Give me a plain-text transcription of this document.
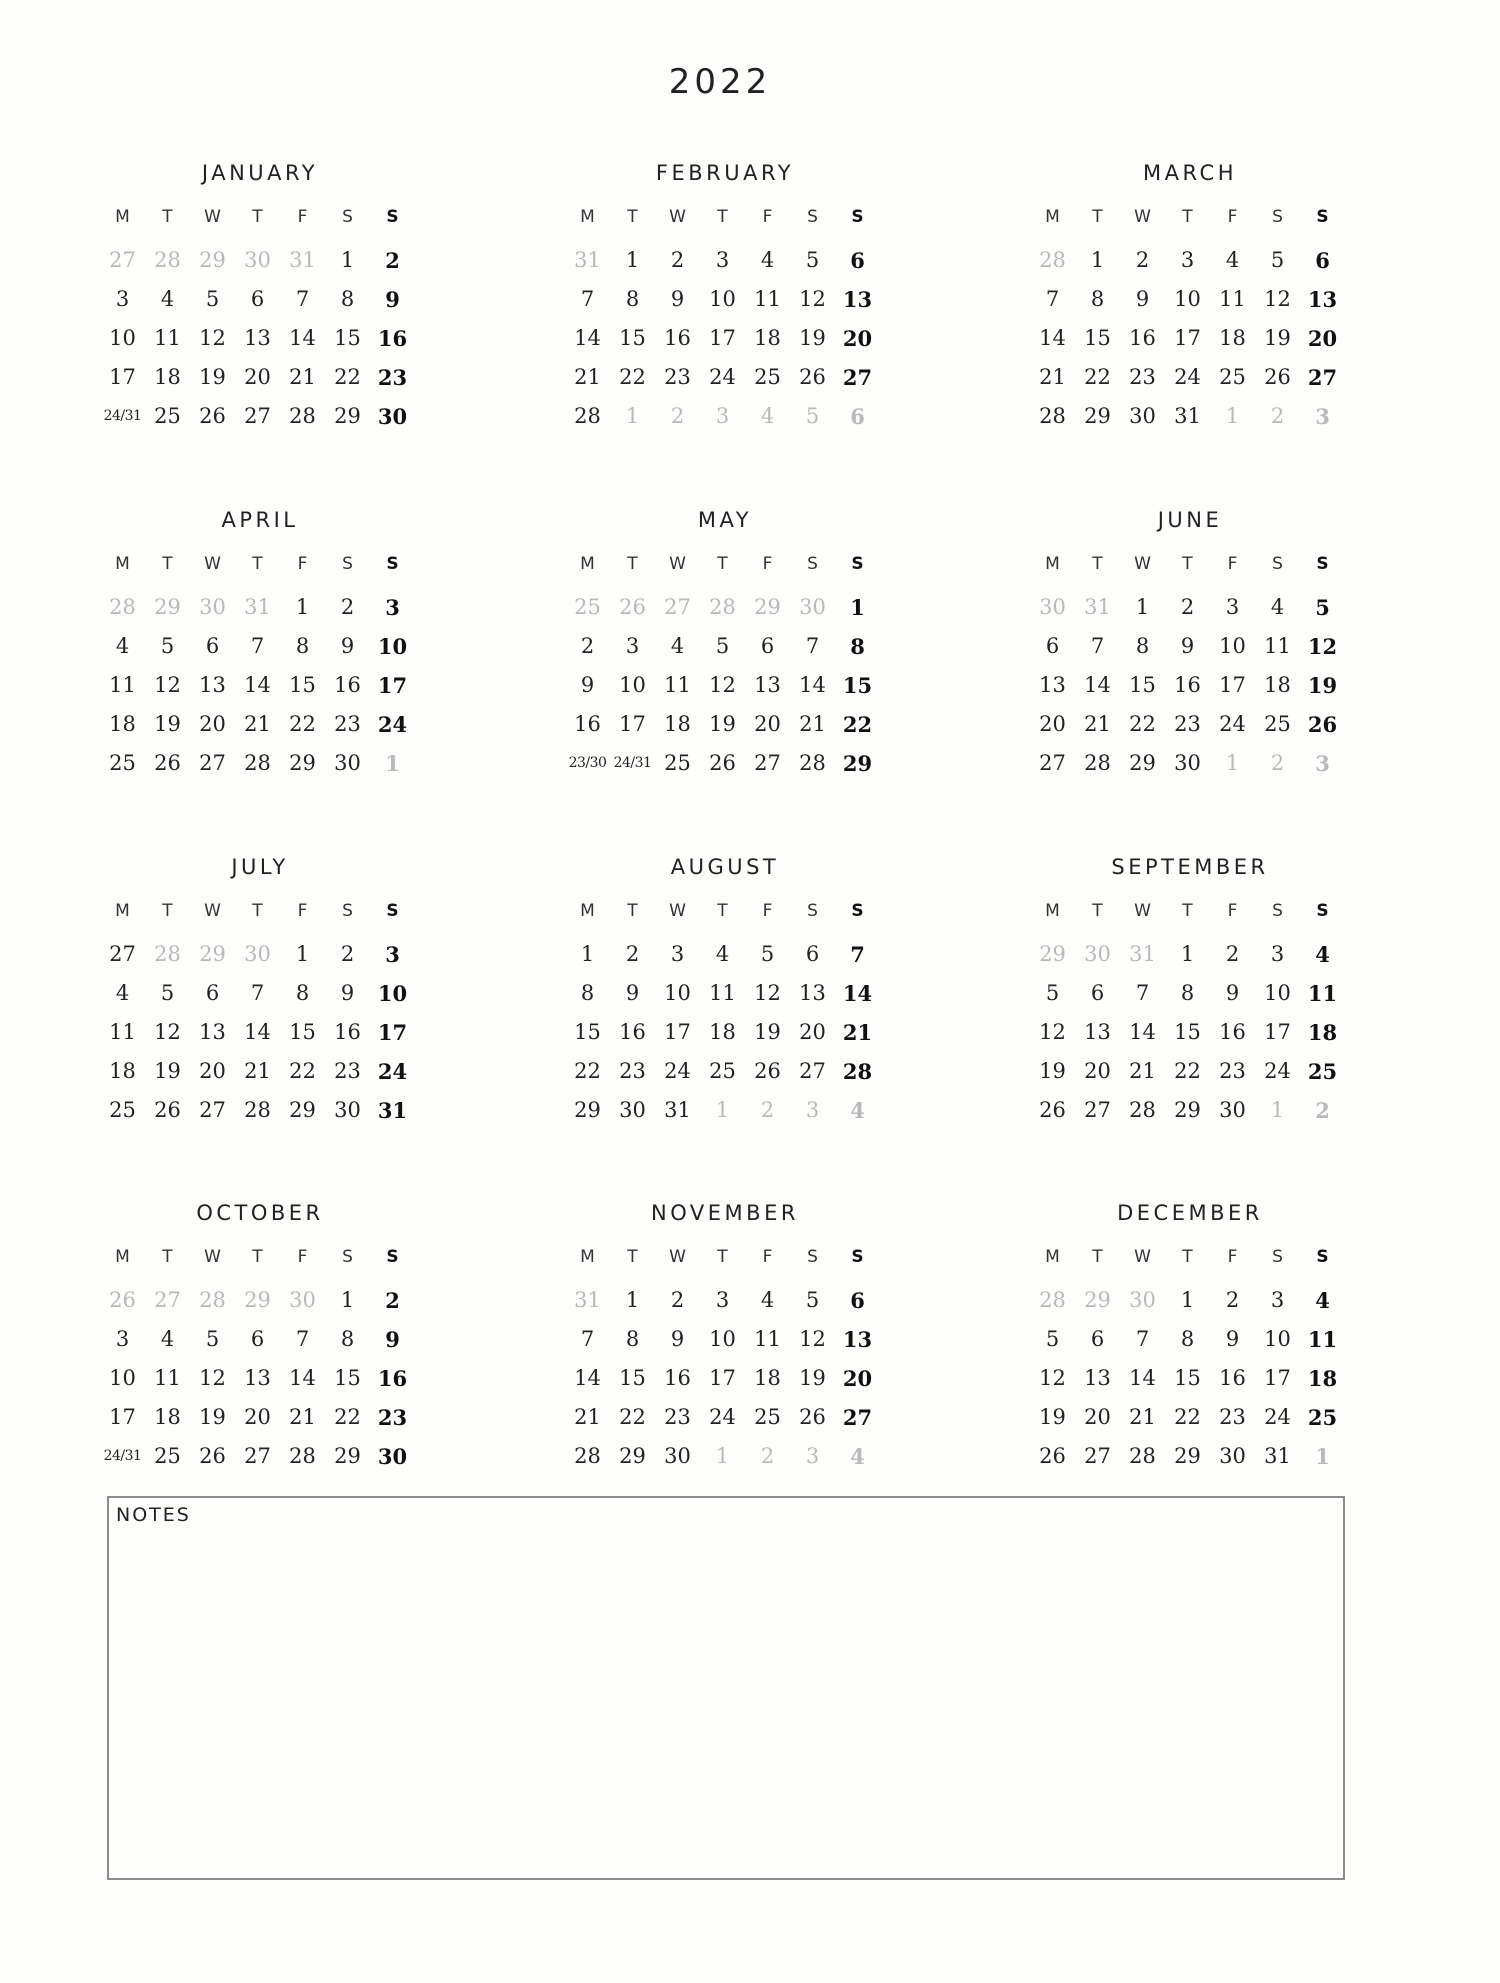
2022
JANUARY
M	T	W	T	F	S	S
27 28 29 30 31	1	2
3	4	5	6	7	8	9
10 11 12 13 14 15 16
17 18 19 20 21 22 23
24/31 25 26 27 28 29 30
FEBRUARY
M	T	W	T	F	S	S
31	1	2	3	4	5	6
7	8	9	10 11 12 13
14 15 16 17 18 19 20
21 22 23 24 25 26 27
28	1	2	3	4	5	6
MARCH
M	T	W	T	F	S	S
28	1	2	3	4	5	6
7	8	9	10 11 12 13
14 15 16 17 18 19 20
21 22 23 24 25 26 27
28 29 30 31	1	2	3
APRIL
M	T	W	T	F	S	S
28 29 30 31	1	2	3
4	5	6	7	8	9	10
11 12 13 14 15 16 17
18 19 20 21 22 23 24
25 26 27 28 29 30	1
MAY
M	T	W	T	F	S	S
25 26 27 28 29 30	1
2	3	4	5	6	7	8
9	10 11 12 13 14 15
16 17 18 19 20 21 22
23/30 24/31 25 26 27 28 29
JUNE
M	T	W	T	F	S	S
30 31	1	2	3	4	5
6	7	8	9	10 11 12
13 14 15 16 17 18 19
20 21 22 23 24 25 26
27 28 29 30	1	2	3
JULY
M	T	W	T	F	S	S
27 28 29 30	1	2	3
4	5	6	7	8	9	10
11 12 13 14 15 16 17
18 19 20 21 22 23 24
25 26 27 28 29 30 31
AUGUST
M	T	W	T	F	S	S
1	2	3	4	5	6	7
8	9	10 11 12 13 14
15 16 17 18 19 20 21
22 23 24 25 26 27 28
29 30 31	1	2	3	4
SEPTEMBER
M	T	W	T	F	S	S
29 30 31	1	2	3	4
5	6	7	8	9	10 11
12 13 14 15 16 17 18
19 20 21 22 23 24 25
26 27 28 29 30	1	2
OCTOBER
M	T	W	T	F	S	S
26 27 28 29 30	1	2
3	4	5	6	7	8	9
10 11 12 13 14 15 16
17 18 19 20 21 22 23
24/31 25 26 27 28 29 30
NOVEMBER
M	T	W	T	F	S	S
31	1	2	3	4	5	6
7	8	9	10 11 12 13
14 15 16 17 18 19 20
21 22 23 24 25 26 27
28 29 30	1	2	3	4
DECEMBER
M	T	W	T	F	S	S
28 29 30	1	2	3	4
5	6	7	8	9	10 11
12 13 14 15 16 17 18
19 20 21 22 23 24 25
26 27 28 29 30 31	1
NOTES
